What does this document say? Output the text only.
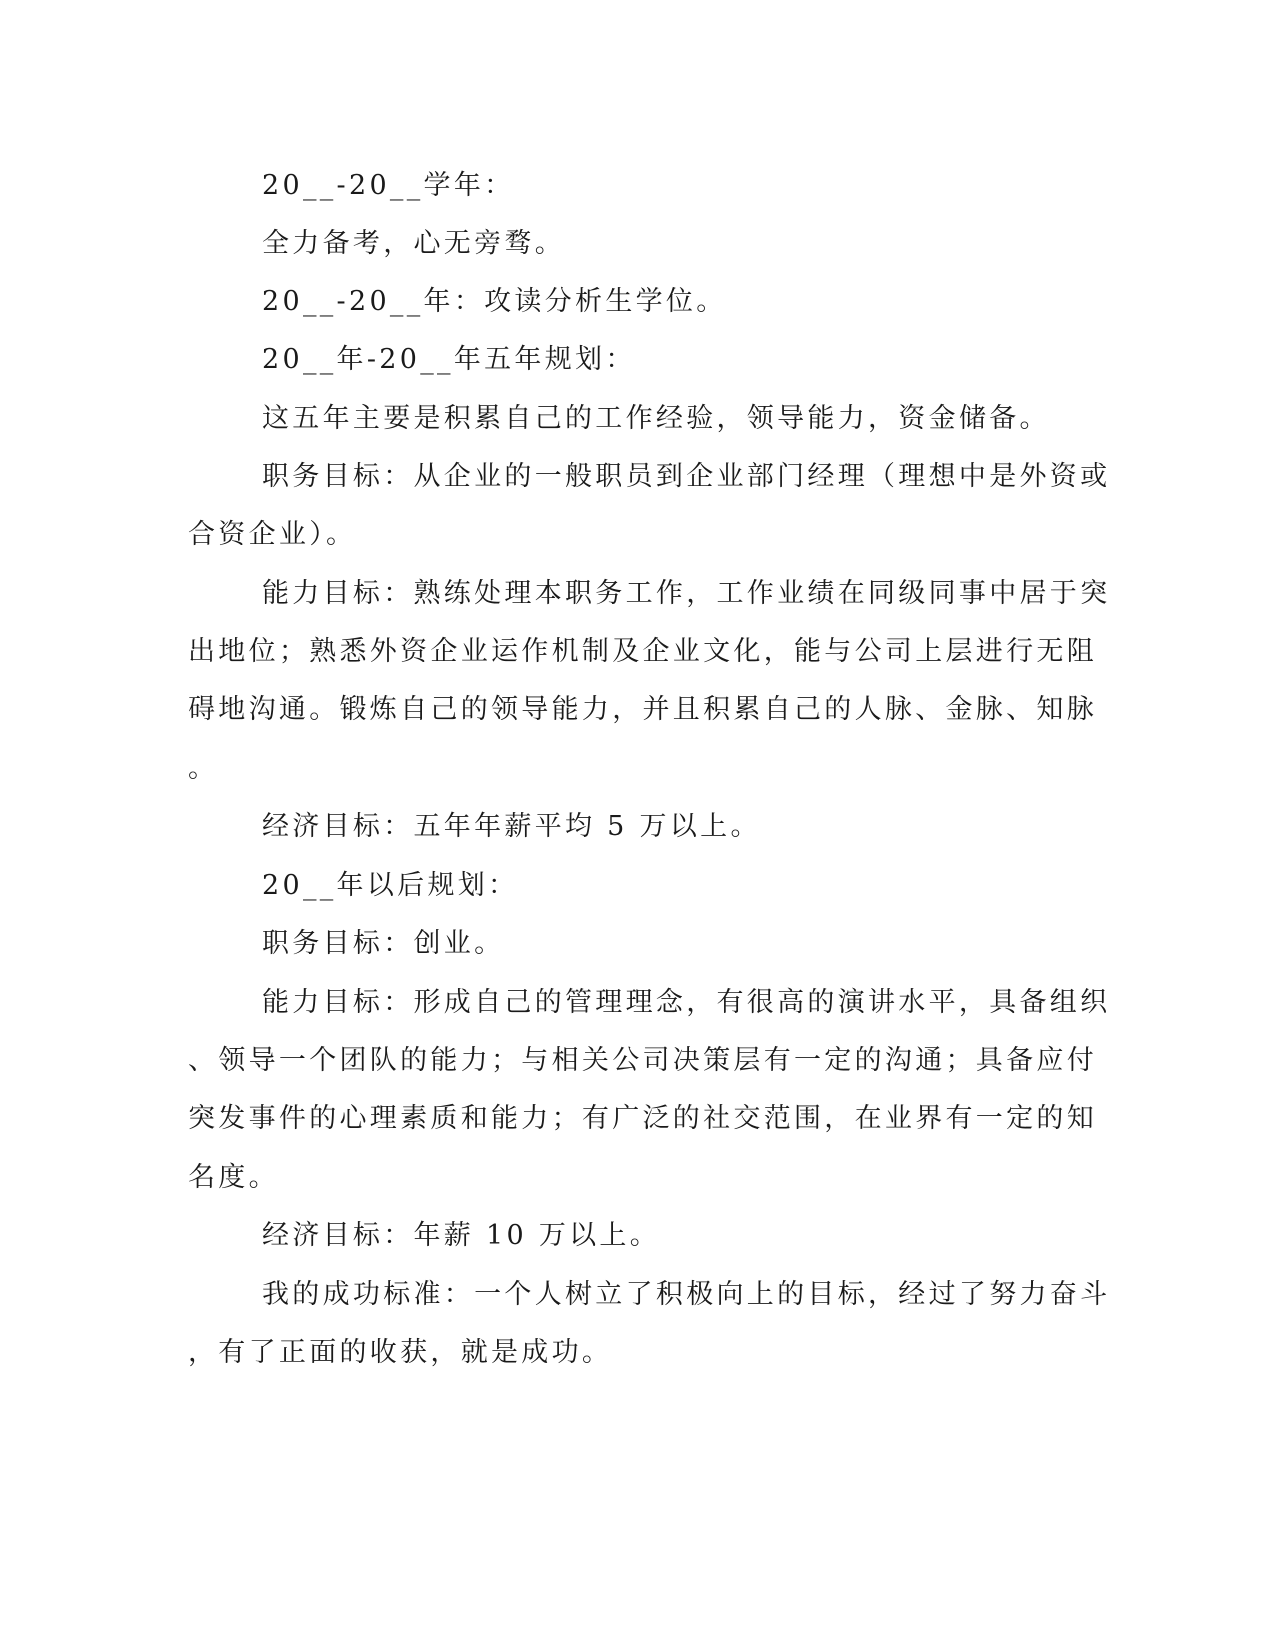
20__-20__学年：
全力备考，心无旁骛。
20__-20__年：攻读分析生学位。
20__年-20__年五年规划：
这五年主要是积累自己的工作经验，领导能力，资金储备。
职务目标：从企业的一般职员到企业部门经理（理想中是外资或
合资企业）。
能力目标：熟练处理本职务工作，工作业绩在同级同事中居于突
出地位；熟悉外资企业运作机制及企业文化，能与公司上层进行无阻
碍地沟通。锻炼自己的领导能力，并且积累自己的人脉、金脉、知脉
。
经济目标：五年年薪平均 5 万以上。
20__年以后规划：
职务目标：创业。
能力目标：形成自己的管理理念，有很高的演讲水平，具备组织
、领导一个团队的能力；与相关公司决策层有一定的沟通；具备应付
突发事件的心理素质和能力；有广泛的社交范围，在业界有一定的知
名度。
经济目标：年薪 10 万以上。
我的成功标准：一个人树立了积极向上的目标，经过了努力奋斗
，有了正面的收获，就是成功。
